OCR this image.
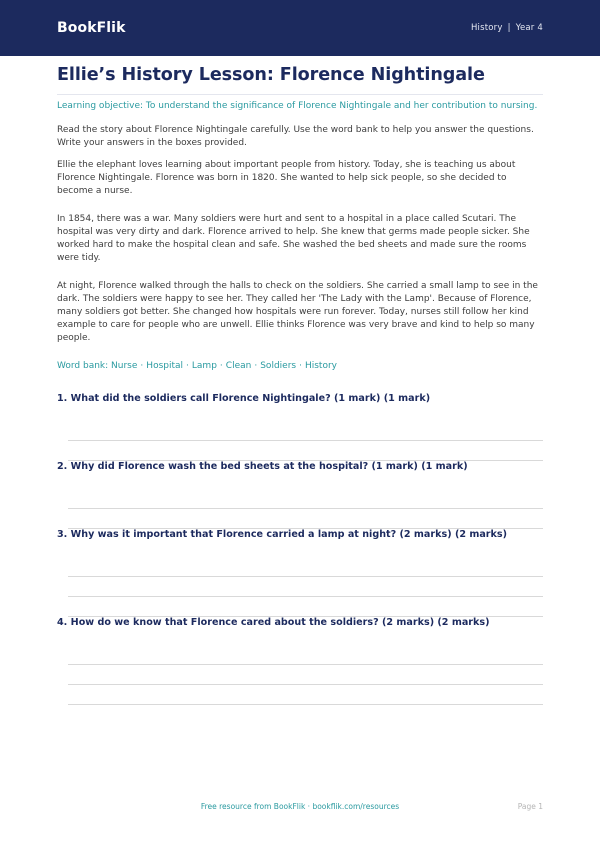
BookFlik	History | Year 4
Ellie’s History Lesson: Florence Nightingale
Learning objective: To understand the significance of Florence Nightingale and her contribution to nursing.
Read the story about Florence Nightingale carefully. Use the word bank to help you answer the questions. Write your answers in the boxes provided.
Ellie the elephant loves learning about important people from history. Today, she is teaching us about Florence Nightingale. Florence was born in 1820. She wanted to help sick people, so she decided to become a nurse.
In 1854, there was a war. Many soldiers were hurt and sent to a hospital in a place called Scutari. The hospital was very dirty and dark. Florence arrived to help. She knew that germs made people sicker. She worked hard to make the hospital clean and safe. She washed the bed sheets and made sure the rooms were tidy.
At night, Florence walked through the halls to check on the soldiers. She carried a small lamp to see in the dark. The soldiers were happy to see her. They called her 'The Lady with the Lamp'. Because of Florence, many soldiers got better. She changed how hospitals were run forever. Today, nurses still follow her kind example to care for people who are unwell. Ellie thinks Florence was very brave and kind to help so many people.
Word bank: Nurse · Hospital · Lamp · Clean · Soldiers · History
1. What did the soldiers call Florence Nightingale? (1 mark) (1 mark)
2. Why did Florence wash the bed sheets at the hospital? (1 mark) (1 mark)
3. Why was it important that Florence carried a lamp at night? (2 marks) (2 marks)
4. How do we know that Florence cared about the soldiers? (2 marks) (2 marks)
Free resource from BookFlik · bookflik.com/resources	Page 1
